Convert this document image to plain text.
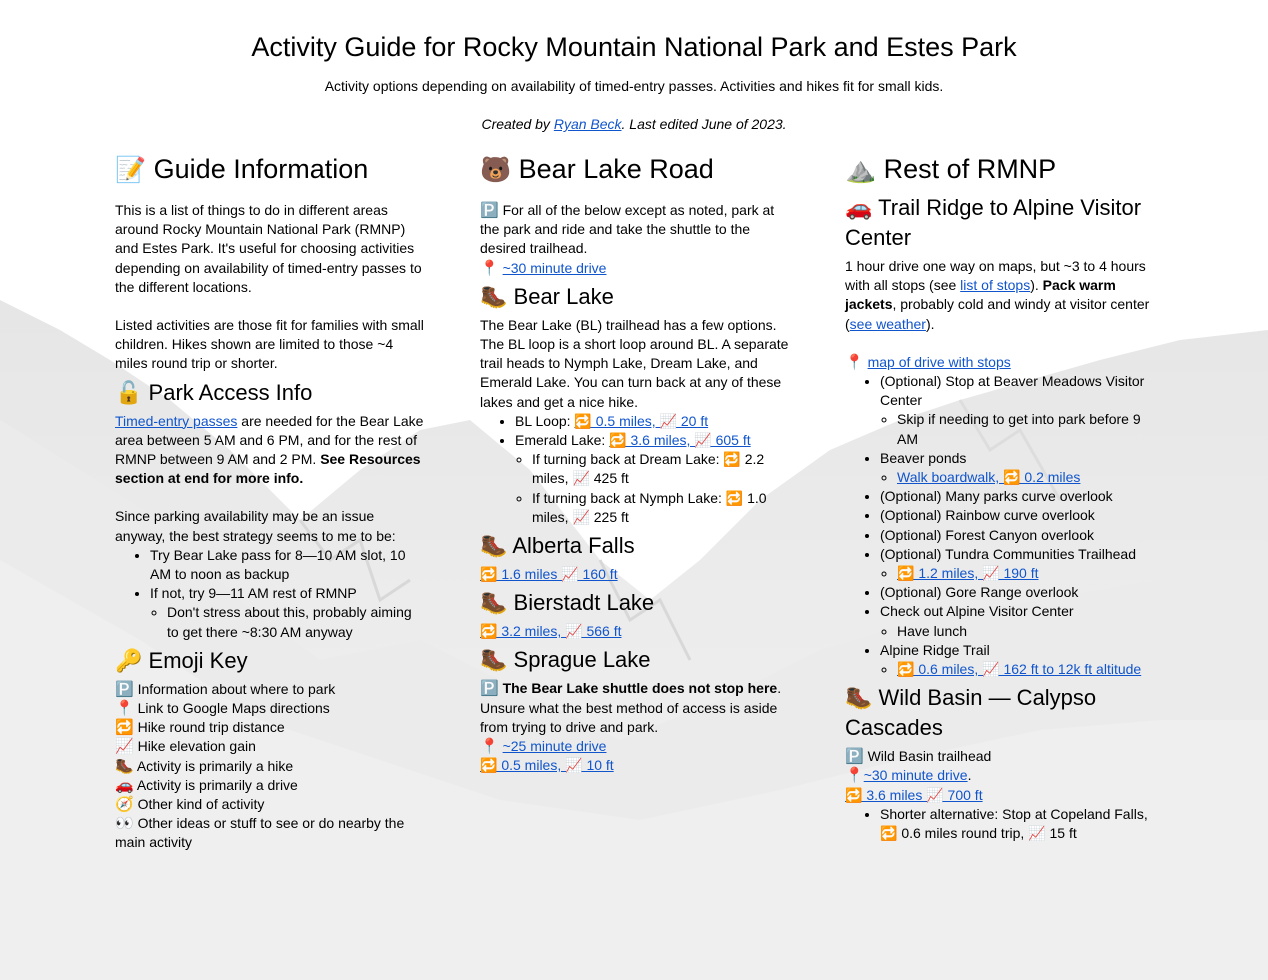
Activity Guide for Rocky Mountain National Park and Estes Park

Activity options depending on availability of timed-entry passes. Activities and hikes fit for small kids.

Created by Ryan Beck. Last edited June of 2023.

📝 Guide Information

This is a list of things to do in different areas around Rocky Mountain National Park (RMNP) and Estes Park. It's useful for choosing activities depending on availability of timed-entry passes to the different locations.

Listed activities are those fit for families with small children. Hikes shown are limited to those ~4 miles round trip or shorter.

🔓 Park Access Info

Timed-entry passes are needed for the Bear Lake area between 5 AM and 6 PM, and for the rest of RMNP between 9 AM and 2 PM. See Resources section at end for more info.

Since parking availability may be an issue anyway, the best strategy seems to me to be:

• Try Bear Lake pass for 8—10 AM slot, 10 AM to noon as backup
• If not, try 9—11 AM rest of RMNP
◦ Don't stress about this, probably aiming to get there ~8:30 AM anyway
🔑 Emoji Key
🅿️ Information about where to park
📍 Link to Google Maps directions
🔁 Hike round trip distance
📈 Hike elevation gain
🥾 Activity is primarily a hike
🚗 Activity is primarily a drive
🧭 Other kind of activity
👀 Other ideas or stuff to see or do nearby the main activity
🐻 Bear Lake Road

🅿️ For all of the below except as noted, park at the park and ride and take the shuttle to the desired trailhead.

📍 ~30 minute drive

🥾 Bear Lake

The Bear Lake (BL) trailhead has a few options. The BL loop is a short loop around BL. A separate trail heads to Nymph Lake, Dream Lake, and Emerald Lake. You can turn back at any of these lakes and get a nice hike.

• BL Loop: 🔁 0.5 miles, 📈 20 ft
• Emerald Lake: 🔁 3.6 miles, 📈 605 ft
◦ If turning back at Dream Lake: 🔁 2.2 miles, 📈 425 ft
◦ If turning back at Nymph Lake: 🔁 1.0 miles, 📈 225 ft
🥾 Alberta Falls

🔁 1.6 miles 📈 160 ft

🥾 Bierstadt Lake

🔁 3.2 miles, 📈 566 ft

🥾 Sprague Lake

🅿️ The Bear Lake shuttle does not stop here. Unsure what the best method of access is aside from trying to drive and park.

📍 ~25 minute drive

🔁 0.5 miles, 📈 10 ft

⛰️ Rest of RMNP
🚗 Trail Ridge to Alpine Visitor Center

1 hour drive one way on maps, but ~3 to 4 hours with all stops (see list of stops). Pack warm jackets, probably cold and windy at visitor center (see weather).

📍 map of drive with stops

• (Optional) Stop at Beaver Meadows Visitor Center
◦ Skip if needing to get into park before 9 AM
• Beaver ponds
◦ Walk boardwalk, 🔁 0.2 miles
• (Optional) Many parks curve overlook
• (Optional) Rainbow curve overlook
• (Optional) Forest Canyon overlook
• (Optional) Tundra Communities Trailhead
◦ 🔁 1.2 miles, 📈 190 ft
• (Optional) Gore Range overlook
• Check out Alpine Visitor Center
◦ Have lunch
• Alpine Ridge Trail
◦ 🔁 0.6 miles, 📈 162 ft to 12k ft altitude
🥾 Wild Basin — Calypso Cascades

🅿️ Wild Basin trailhead

📍~30 minute drive.

🔁 3.6 miles 📈 700 ft

• Shorter alternative: Stop at Copeland Falls, 🔁 0.6 miles round trip, 📈 15 ft
